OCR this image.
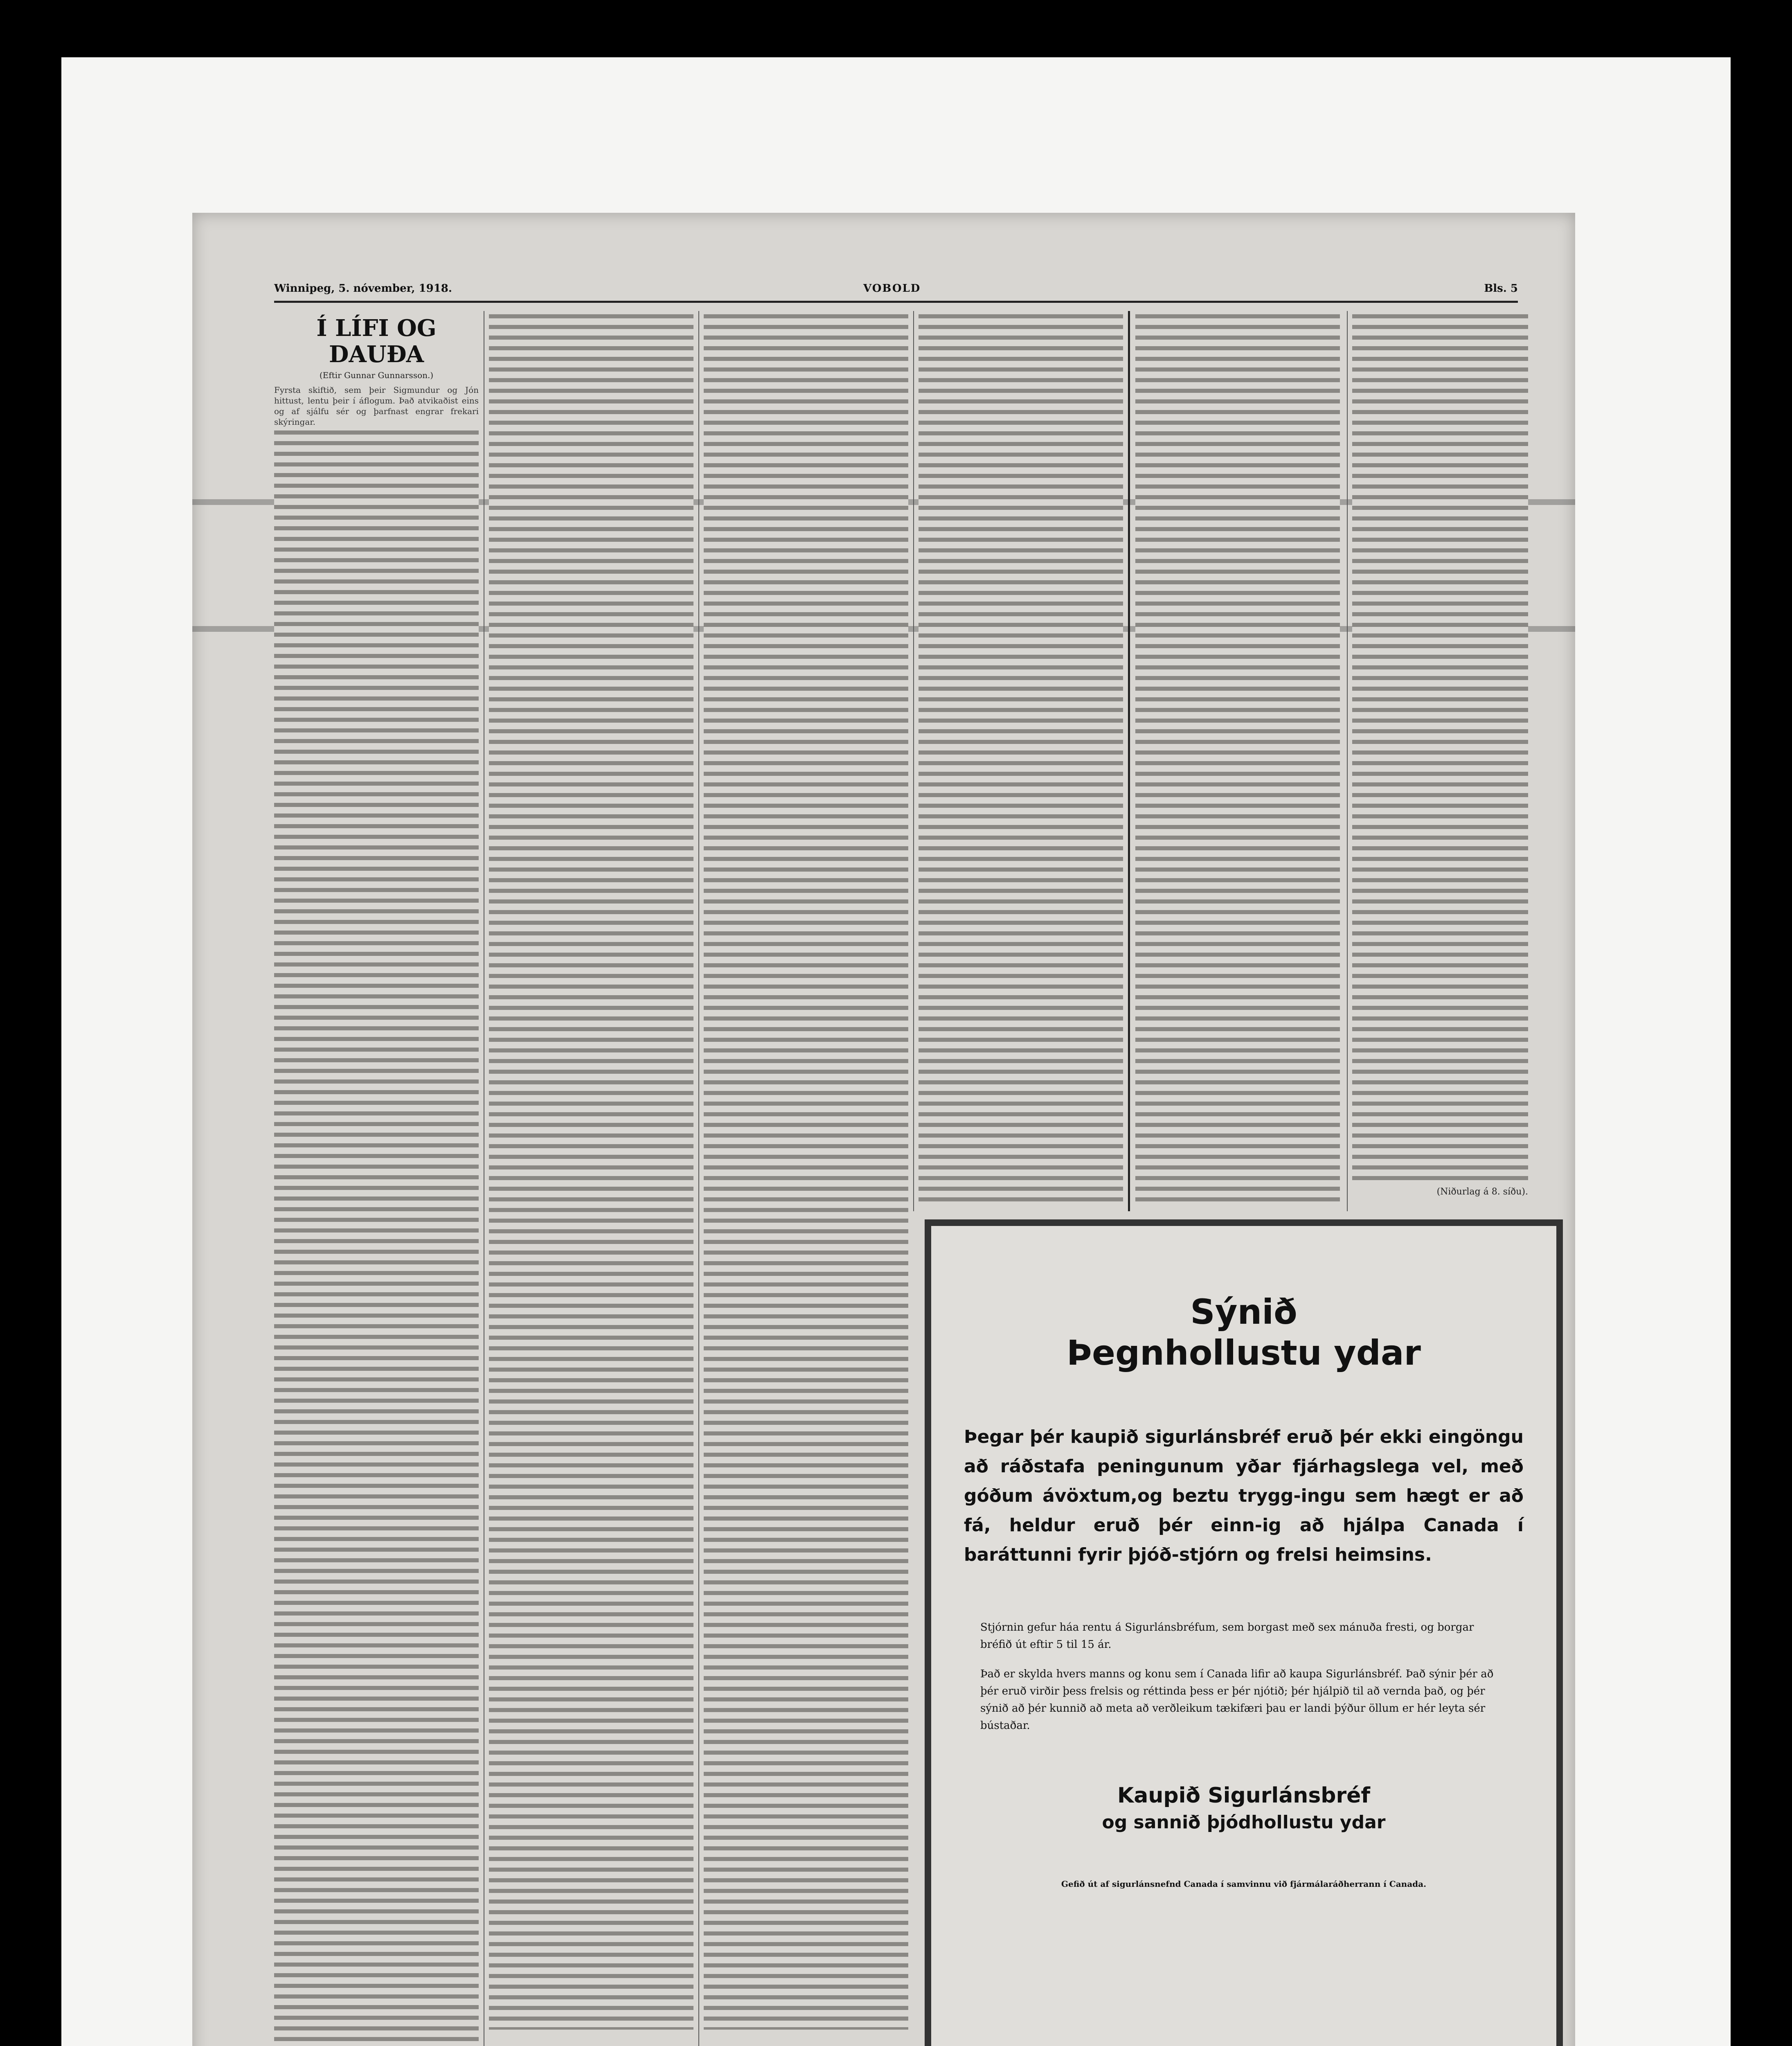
Winnipeg, 5. nóvember, 1918.	VOBOLD	Bls. 5
Í LÍFI OG DAUÐA
(Eftir Gunnar Gunnarsson.)
Fyrsta skiftið, sem þeir Sigmundur og Jón hittust, lentu þeir í áflogum. Það atvikaðist eins og af sjálfu sér og þarfnast engrar frekari skýringar.
(Niðurlag á 8. síðu).
Sýnið
Þegnhollustu ydar
Þegar þér kaupið sigurlánsbréf eruð þér ekki eingöngu að ráðstafa peningunum yðar fjárhagslega vel, með góðum ávöxtum,og beztu trygg-ingu sem hægt er að fá, heldur eruð þér einn-ig að hjálpa Canada í baráttunni fyrir þjóð-stjórn og frelsi heimsins.

Stjórnin gefur háa rentu á Sigurlánsbréfum, sem borgast með sex mánuða fresti, og borgar bréfið út eftir 5 til 15 ár.

Það er skylda hvers manns og konu sem í Canada lifir að kaupa Sigurlánsbréf. Það sýnir þér að þér eruð virðir þess frelsis og réttinda þess er þér njótið; þér hjálpið til að vernda það, og þér sýnið að þér kunnið að meta að verðleikum tækifæri þau er landi þýður öllum er hér leyta sér bústaðar.

Kaupið Sigurlánsbréf
og sannið þjódhollustu ydar
Gefið út af sigurlánsnefnd Canada í samvinnu við fjármálaráðherrann í Canada.
